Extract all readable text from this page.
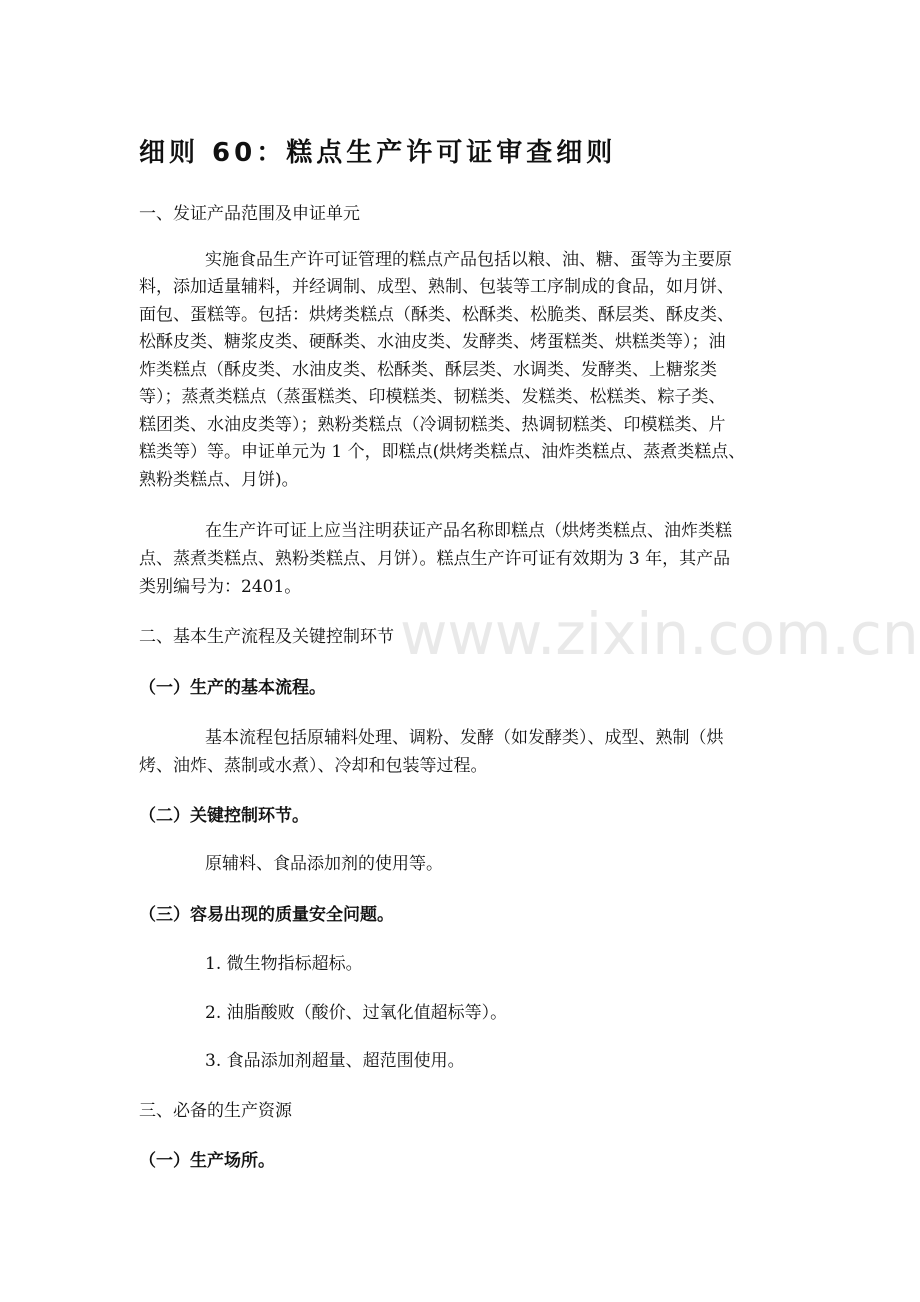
www.zixin.com.cn
细则 60：糕点生产许可证审查细则
一、发证产品范围及申证单元
实施食品生产许可证管理的糕点产品包括以粮、油、糖、蛋等为主要原
料，添加适量辅料，并经调制、成型、熟制、包装等工序制成的食品，如月饼、
面包、蛋糕等。包括：烘烤类糕点（酥类、松酥类、松脆类、酥层类、酥皮类、
松酥皮类、糖浆皮类、硬酥类、水油皮类、发酵类、烤蛋糕类、烘糕类等）；油
炸类糕点（酥皮类、水油皮类、松酥类、酥层类、水调类、发酵类、上糖浆类
等）；蒸煮类糕点（蒸蛋糕类、印模糕类、韧糕类、发糕类、松糕类、粽子类、
糕团类、水油皮类等）；熟粉类糕点（冷调韧糕类、热调韧糕类、印模糕类、片
糕类等）等。申证单元为 1 个，即糕点(烘烤类糕点、油炸类糕点、蒸煮类糕点、
熟粉类糕点、月饼)。
在生产许可证上应当注明获证产品名称即糕点（烘烤类糕点、油炸类糕
点、蒸煮类糕点、熟粉类糕点、月饼）。糕点生产许可证有效期为 3 年，其产品
类别编号为：2401。
二、基本生产流程及关键控制环节
（一）生产的基本流程。
基本流程包括原辅料处理、调粉、发酵（如发酵类）、成型、熟制（烘
烤、油炸、蒸制或水煮）、冷却和包装等过程。
（二）关键控制环节。
原辅料、食品添加剂的使用等。
（三）容易出现的质量安全问题。
1. 微生物指标超标。
2. 油脂酸败（酸价、过氧化值超标等）。
3. 食品添加剂超量、超范围使用。
三、必备的生产资源
（一）生产场所。
